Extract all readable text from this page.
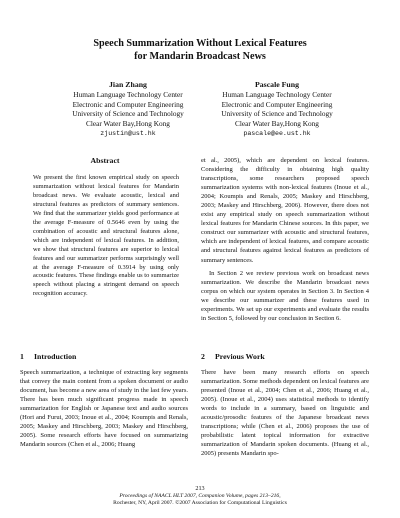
Speech Summarization Without Lexical Features
for Mandarin Broadcast News
Jian Zhang
Human Language Technology Center
Electronic and Computer Engineering
University of Science and Technology
Clear Water Bay,Hong Kong
zjustin@ust.hk
Pascale Fung
Human Language Technology Center
Electronic and Computer Engineering
University of Science and Technology
Clear Water Bay,Hong Kong
pascale@ee.ust.hk
Abstract

We present the first known empirical study on speech summarization without lexical features for Mandarin broadcast news. We evaluate acoustic, lexical and structural features as predictors of summary sentences. We find that the summarizer yields good performance at the average F-measure of 0.5646 even by using the combination of acoustic and structural features alone, which are independent of lexical features. In addition, we show that structural features are superior to lexical features and our summarizer performs surprisingly well at the average F-measure of 0.3914 by using only acoustic features. These findings enable us to summarize speech without placing a stringent demand on speech recognition accuracy.

et al., 2005), which are dependent on lexical features. Considering the difficulty in obtaining high quality transcriptions, some researchers proposed speech summarization systems with non-lexical features (Inoue et al., 2004; Koumpis and Renals, 2005; Maskey and Hirschberg, 2003; Maskey and Hirschberg, 2006). However, there does not exist any empirical study on speech summarization without lexical features for Mandarin Chinese sources. In this paper, we construct our summarizer with acoustic and structural features, which are independent of lexical features, and compare acoustic and structural features against lexical features as predictors of summary sentences.

In Section 2 we review previous work on broadcast news summarization. We describe the Mandarin broadcast news corpus on which our system operates in Section 3. In Section 4 we describe our summarizer and these features used in experiments. We set up our experiments and evaluate the results in Section 5, followed by our conclusion in Section 6.

1 Introduction

Speech summarization, a technique of extracting key segments that convey the main content from a spoken document or audio document, has become a new area of study in the last few years. There has been much significant progress made in speech summarization for English or Japanese text and audio sources (Hori and Furui, 2003; Inoue et al., 2004; Koumpis and Renals, 2005; Maskey and Hirschberg, 2003; Maskey and Hirschberg, 2005). Some research efforts have focused on summarizing Mandarin sources (Chen et al., 2006; Huang

2 Previous Work

There have been many research efforts on speech summarization. Some methods dependent on lexical features are presented (Inoue et al., 2004; Chen et al., 2006; Huang et al., 2005). (Inoue et al., 2004) uses statistical methods to identify words to include in a summary, based on linguistic and acoustic/prosodic features of the Japanese broadcast news transcriptions; while (Chen et al., 2006) proposes the use of probabilistic latent topical information for extractive summarization of Mandarin spoken documents. (Huang et al., 2005) presents Mandarin spo-

213
Proceedings of NAACL HLT 2007, Companion Volume, pages 213–216,
Rochester, NY, April 2007. ©2007 Association for Computational Linguistics
